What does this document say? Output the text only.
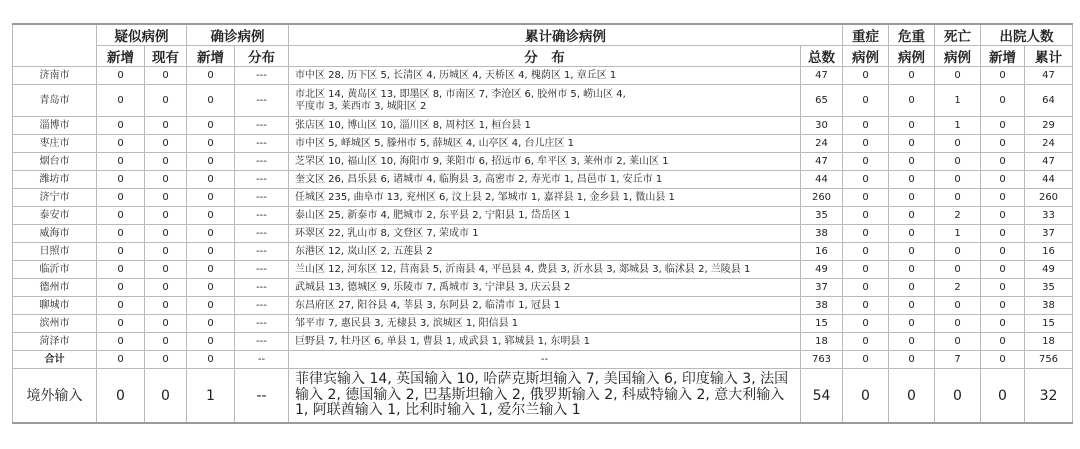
	疑似病例		确诊病例		累计确诊病例		重症	危重	死亡	出院人数	
	新增	现有	新增	分布	分　布	总数	病例	病例	病例	新增	累计
济南市	0	0	0	---	市中区 28, 历下区 5, 长清区 4, 历城区 4, 天桥区 4, 槐荫区 1, 章丘区 1	47	0	0	0	0	47
青岛市	0	0	0	---	市北区 14, 黄岛区 13, 即墨区 8, 市南区 7, 李沧区 6, 胶州市 5, 崂山区 4,
平度市 3, 莱西市 3, 城阳区 2	65	0	0	1	0	64
淄博市	0	0	0	---	张店区 10, 博山区 10, 淄川区 8, 周村区 1, 桓台县 1	30	0	0	1	0	29
枣庄市	0	0	0	---	市中区 5, 峄城区 5, 滕州市 5, 薛城区 4, 山亭区 4, 台儿庄区 1	24	0	0	0	0	24
烟台市	0	0	0	---	芝罘区 10, 福山区 10, 海阳市 9, 莱阳市 6, 招远市 6, 牟平区 3, 莱州市 2, 莱山区 1	47	0	0	0	0	47
潍坊市	0	0	0	---	奎文区 26, 昌乐县 6, 诸城市 4, 临朐县 3, 高密市 2, 寿光市 1, 昌邑市 1, 安丘市 1	44	0	0	0	0	44
济宁市	0	0	0	---	任城区 235, 曲阜市 13, 兖州区 6, 汶上县 2, 邹城市 1, 嘉祥县 1, 金乡县 1, 微山县 1	260	0	0	0	0	260
泰安市	0	0	0	---	泰山区 25, 新泰市 4, 肥城市 2, 东平县 2, 宁阳县 1, 岱岳区 1	35	0	0	2	0	33
威海市	0	0	0	---	环翠区 22, 乳山市 8, 文登区 7, 荣成市 1	38	0	0	1	0	37
日照市	0	0	0	---	东港区 12, 岚山区 2, 五莲县 2	16	0	0	0	0	16
临沂市	0	0	0	---	兰山区 12, 河东区 12, 莒南县 5, 沂南县 4, 平邑县 4, 费县 3, 沂水县 3, 郯城县 3, 临沭县 2, 兰陵县 1	49	0	0	0	0	49
德州市	0	0	0	---	武城县 13, 德城区 9, 乐陵市 7, 禹城市 3, 宁津县 3, 庆云县 2	37	0	0	2	0	35
聊城市	0	0	0	---	东昌府区 27, 阳谷县 4, 莘县 3, 东阿县 2, 临清市 1, 冠县 1	38	0	0	0	0	38
滨州市	0	0	0	---	邹平市 7, 惠民县 3, 无棣县 3, 滨城区 1, 阳信县 1	15	0	0	0	0	15
菏泽市	0	0	0	---	巨野县 7, 牡丹区 6, 单县 1, 曹县 1, 成武县 1, 郓城县 1, 东明县 1	18	0	0	0	0	18
合计	0	0	0	--	--	763	0	0	7	0	756
境外输入	0	0	1	--	菲律宾输入 14, 英国输入 10, 哈萨克斯坦输入 7, 美国输入 6, 印度输入 3, 法国输入 2, 德国输入 2, 巴基斯坦输入 2, 俄罗斯输入 2, 科威特输入 2, 意大利输入 1, 阿联酋输入 1, 比利时输入 1, 爱尔兰输入 1	54	0	0	0	0	32
